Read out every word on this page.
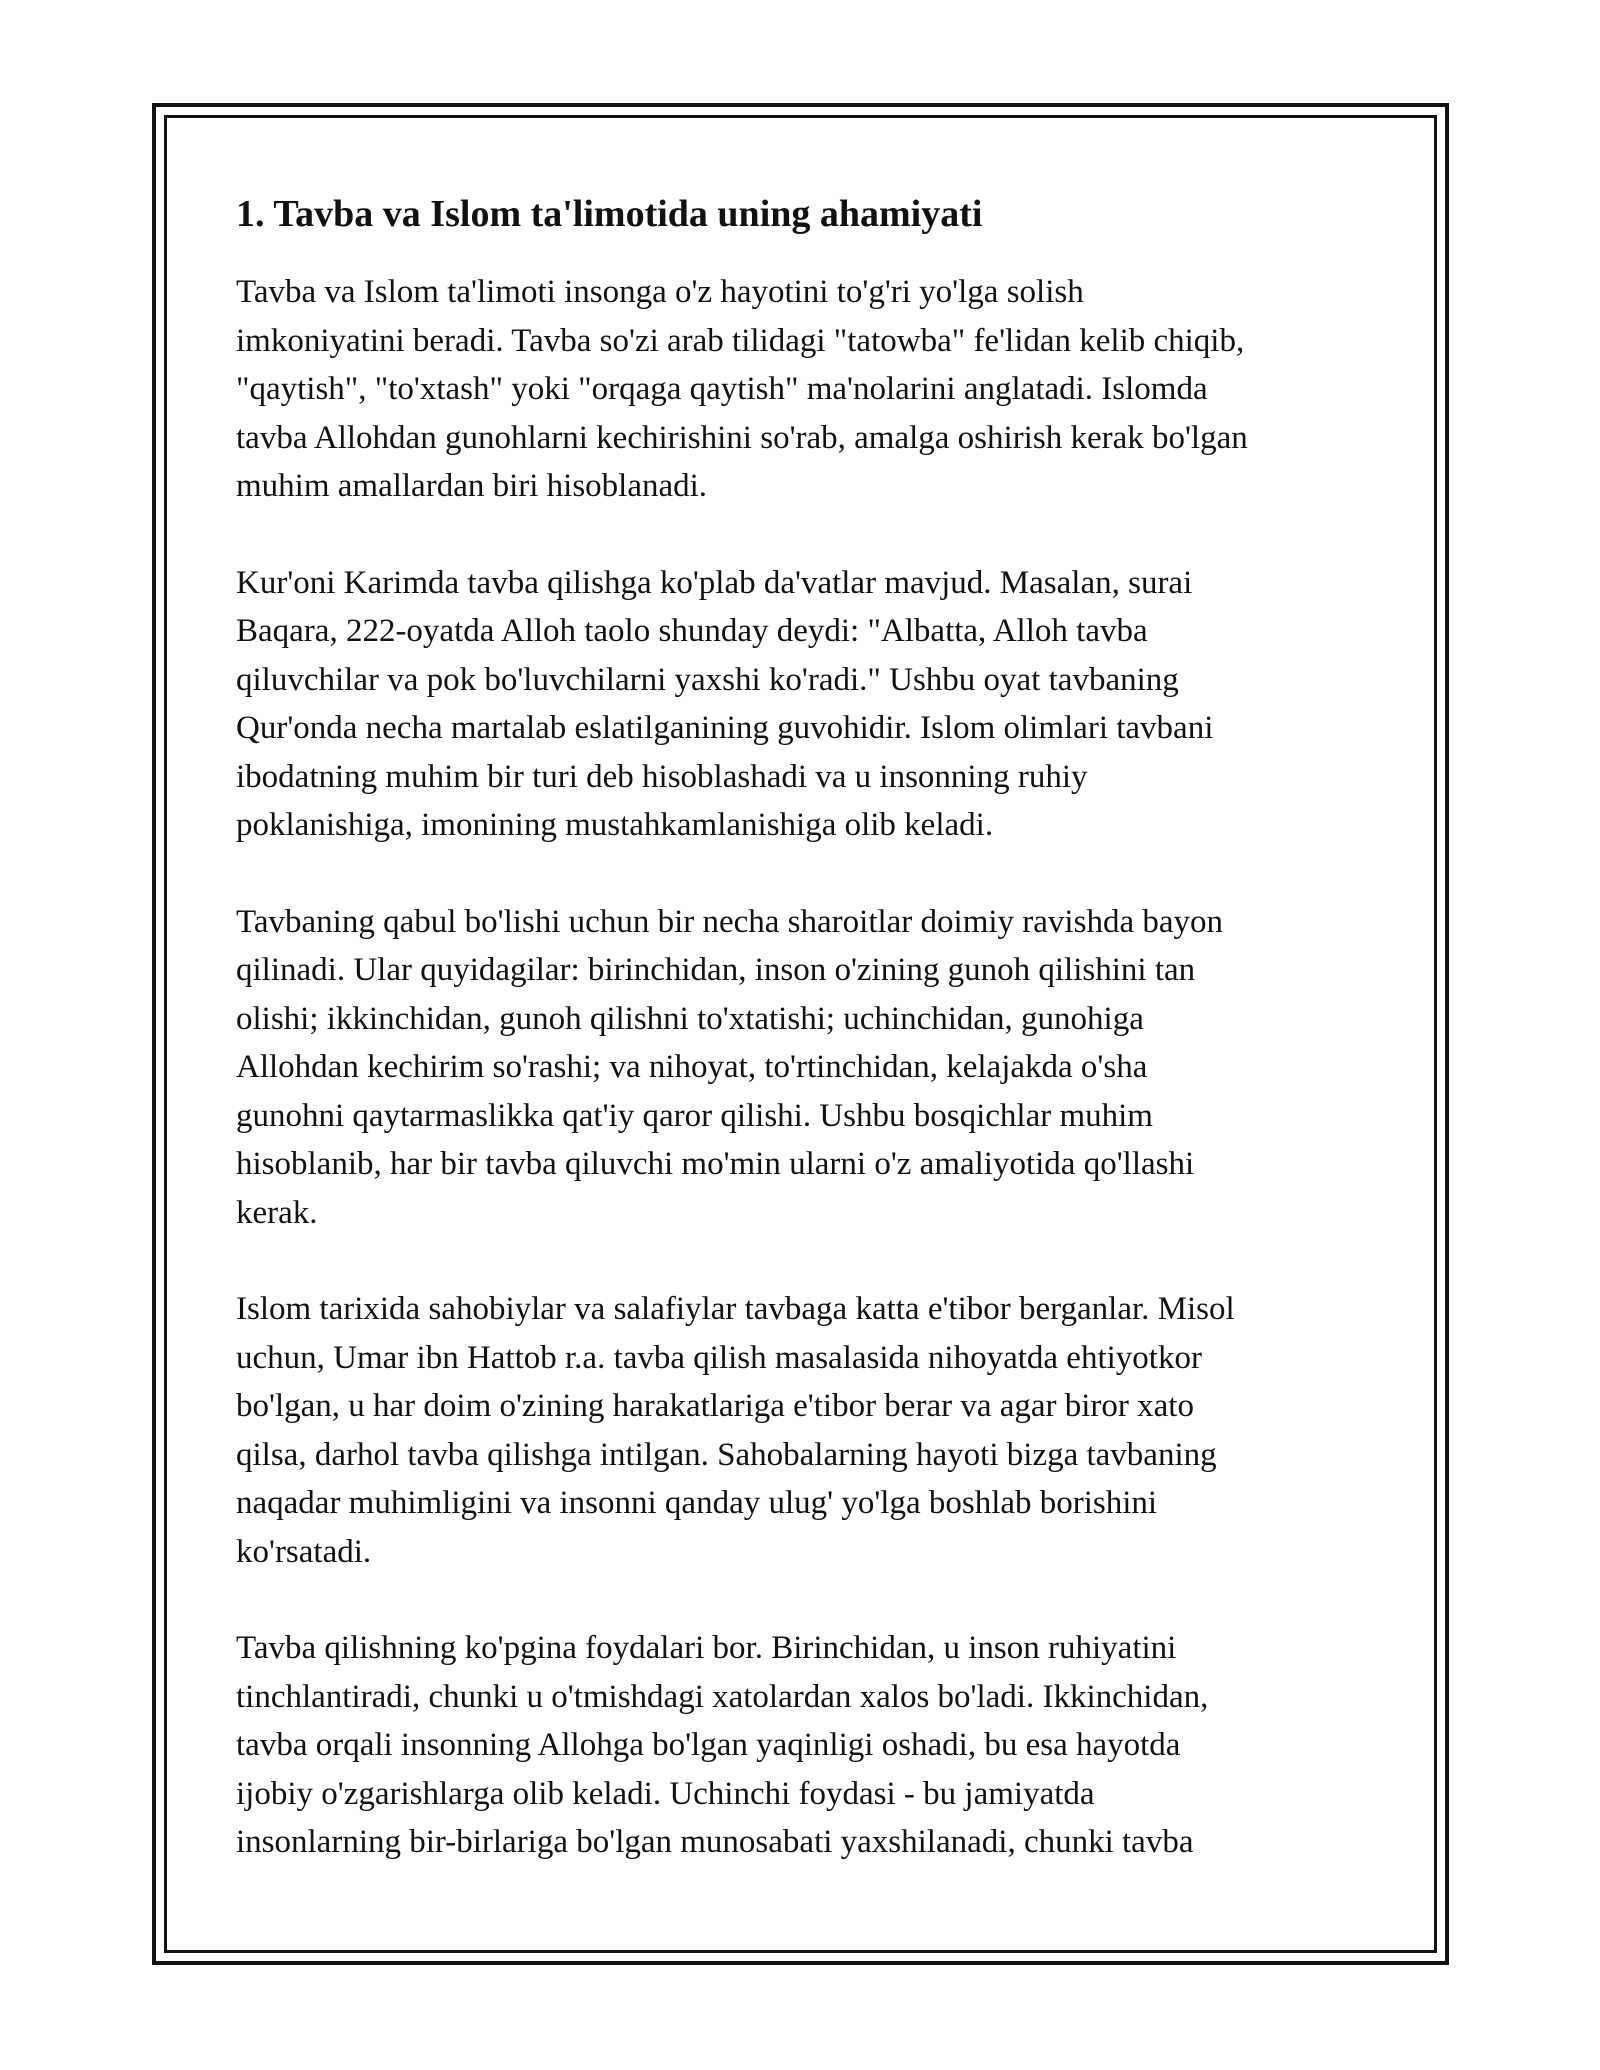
1. Tavba va Islom ta'limotida uning ahamiyati

Tavba va Islom ta'limoti insonga o'z hayotini to'g'ri yo'lga solish
imkoniyatini beradi. Tavba so'zi arab tilidagi "tatowba" fe'lidan kelib chiqib,
"qaytish", "to'xtash" yoki "orqaga qaytish" ma'nolarini anglatadi. Islomda
tavba Allohdan gunohlarni kechirishini so'rab, amalga oshirish kerak bo'lgan
muhim amallardan biri hisoblanadi.

Kur'oni Karimda tavba qilishga ko'plab da'vatlar mavjud. Masalan, surai
Baqara, 222-oyatda Alloh taolo shunday deydi: "Albatta, Alloh tavba
qiluvchilar va pok bo'luvchilarni yaxshi ko'radi." Ushbu oyat tavbaning
Qur'onda necha martalab eslatilganining guvohidir. Islom olimlari tavbani
ibodatning muhim bir turi deb hisoblashadi va u insonning ruhiy
poklanishiga, imonining mustahkamlanishiga olib keladi.

Tavbaning qabul bo'lishi uchun bir necha sharoitlar doimiy ravishda bayon
qilinadi. Ular quyidagilar: birinchidan, inson o'zining gunoh qilishini tan
olishi; ikkinchidan, gunoh qilishni to'xtatishi; uchinchidan, gunohiga
Allohdan kechirim so'rashi; va nihoyat, to'rtinchidan, kelajakda o'sha
gunohni qaytarmaslikka qat'iy qaror qilishi. Ushbu bosqichlar muhim
hisoblanib, har bir tavba qiluvchi mo'min ularni o'z amaliyotida qo'llashi
kerak.

Islom tarixida sahobiylar va salafiylar tavbaga katta e'tibor berganlar. Misol
uchun, Umar ibn Hattob r.a. tavba qilish masalasida nihoyatda ehtiyotkor
bo'lgan, u har doim o'zining harakatlariga e'tibor berar va agar biror xato
qilsa, darhol tavba qilishga intilgan. Sahobalarning hayoti bizga tavbaning
naqadar muhimligini va insonni qanday ulug' yo'lga boshlab borishini
ko'rsatadi.

Tavba qilishning ko'pgina foydalari bor. Birinchidan, u inson ruhiyatini
tinchlantiradi, chunki u o'tmishdagi xatolardan xalos bo'ladi. Ikkinchidan,
tavba orqali insonning Allohga bo'lgan yaqinligi oshadi, bu esa hayotda
ijobiy o'zgarishlarga olib keladi. Uchinchi foydasi - bu jamiyatda
insonlarning bir-birlariga bo'lgan munosabati yaxshilanadi, chunki tavba
